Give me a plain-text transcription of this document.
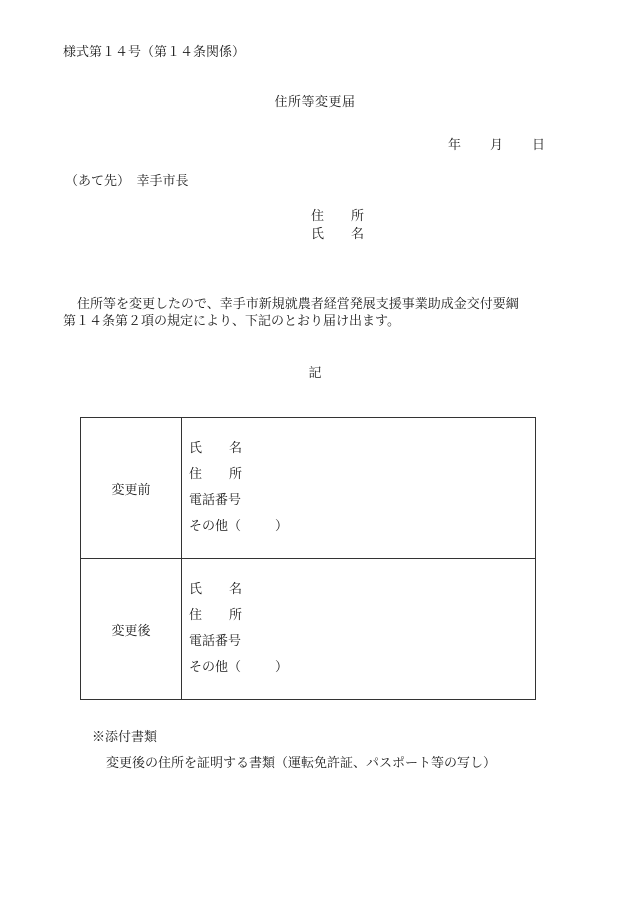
様式第１４号（第１４条関係）
住所等変更届
年 月 日
（あて先）　幸手市長
住 所
氏 名
住所等を変更したので、幸手市新規就農者経営発展支援事業助成金交付要綱
第１４条第２項の規定により、下記のとおり届け出ます。
記
変更前	氏 名
住 所
電話番号
その他（ ）

変更後	氏 名
住 所
電話番号
その他（ ）
※添付書類
変更後の住所を証明する書類（運転免許証、パスポート等の写し）
